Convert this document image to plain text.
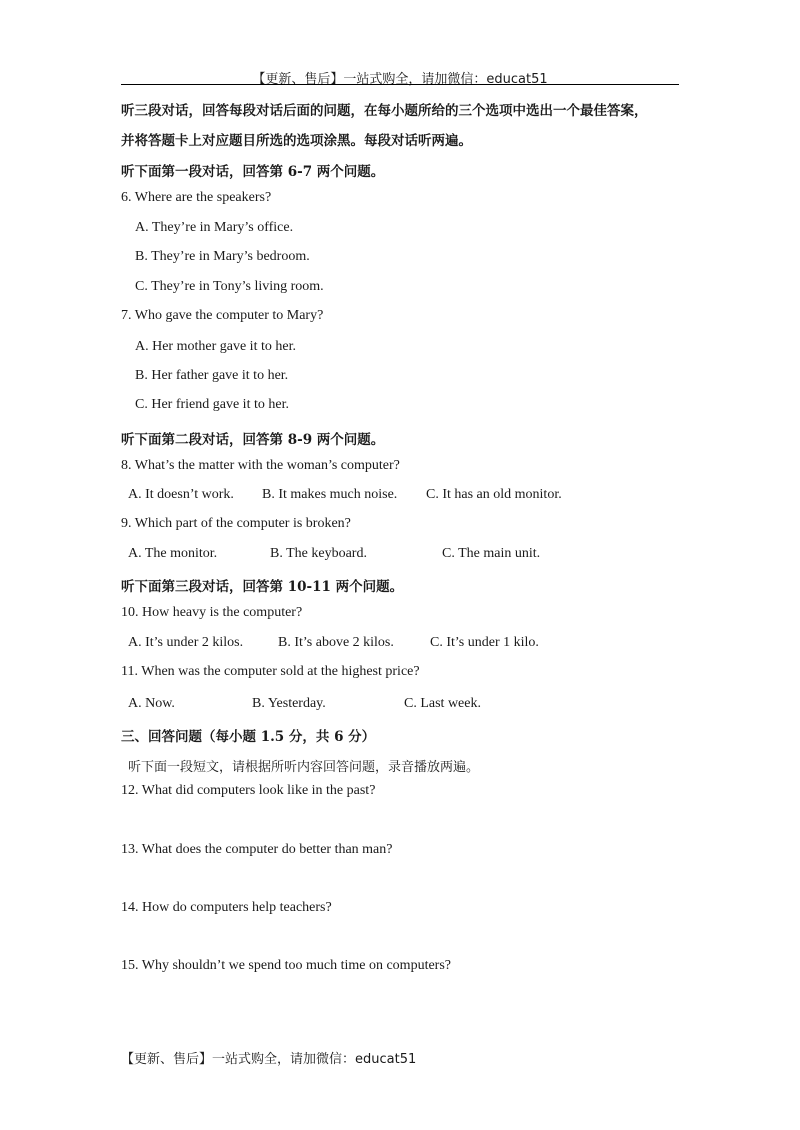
【更新、售后】一站式购全，请加微信：educat51
听三段对话，回答每段对话后面的问题，在每小题所给的三个选项中选出一个最佳答案，
并将答题卡上对应题目所选的选项涂黑。每段对话听两遍。
听下面第一段对话，回答第 6-7 两个问题。
6. Where are the speakers?
A. They’re in Mary’s office.
B. They’re in Mary’s bedroom.
C. They’re in Tony’s living room.
7. Who gave the computer to Mary?
A. Her mother gave it to her.
B. Her father gave it to her.
C. Her friend gave it to her.
听下面第二段对话，回答第 8-9 两个问题。
8. What’s the matter with the woman’s computer?
A. It doesn’t work. B. It makes much noise. C. It has an old monitor.
9. Which part of the computer is broken?
A. The monitor.	B. The keyboard.	C. The main unit.
听下面第三段对话，回答第 10-11 两个问题。
10. How heavy is the computer?
A. It’s under 2 kilos. B. It’s above 2 kilos.	C. It’s under 1 kilo.
11. When was the computer sold at the highest price?
A. Now.	B. Yesterday.	C. Last week.
三、回答问题（每小题 1.5 分，共 6 分）
听下面一段短文，请根据所听内容回答问题，录音播放两遍。
12. What did computers look like in the past?
13. What does the computer do better than man?
14. How do computers help teachers?
15. Why shouldn’t we spend too much time on computers?
【更新、售后】一站式购全，请加微信：educat51
